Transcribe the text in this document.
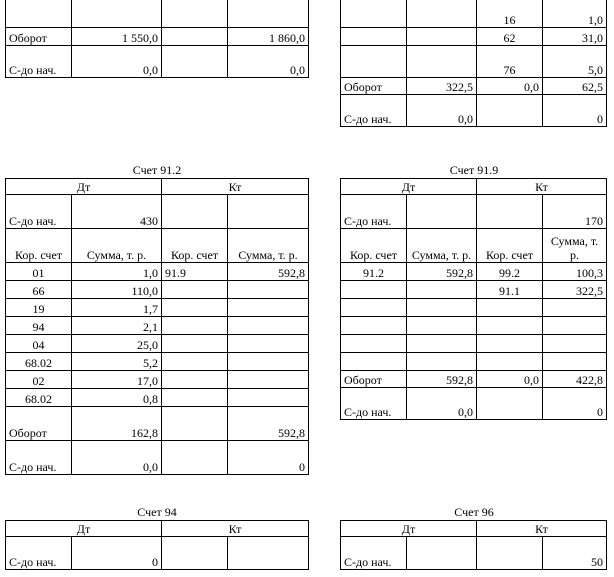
Оборот	1 550,0		1 860,0
С-до нач.	0,0		0,0
		16	1,0
		62	31,0
		76	5,0
Оборот	322,5	0,0	62,5
С-до нач.	0,0		0
Счет 91.2
Дт		Кт	
С-до нач.	430		
Кор. счет	Сумма, т. р.	Кор. счет	Сумма, т. р.
01	1,0	91.9	592,8
66	110,0		
19	1,7		
94	2,1		
04	25,0		
68.02	5,2		
02	17,0		
68.02	0,8		
Оборот	162,8		592,8
С-до нач.	0,0		0
Счет 91.9
Дт		Кт	
С-до нач.			170
Кор. счет	Сумма, т. р.	Кор. счет	Сумма, т. р.
91.2	592,8	99.2	100,3
		91.1	322,5

Оборот	592,8	0,0	422,8
С-до нач.	0,0		0
Счет 94
Дт		Кт	
С-до нач.	0		
Счет 96
Дт		Кт	
С-до нач.			50
